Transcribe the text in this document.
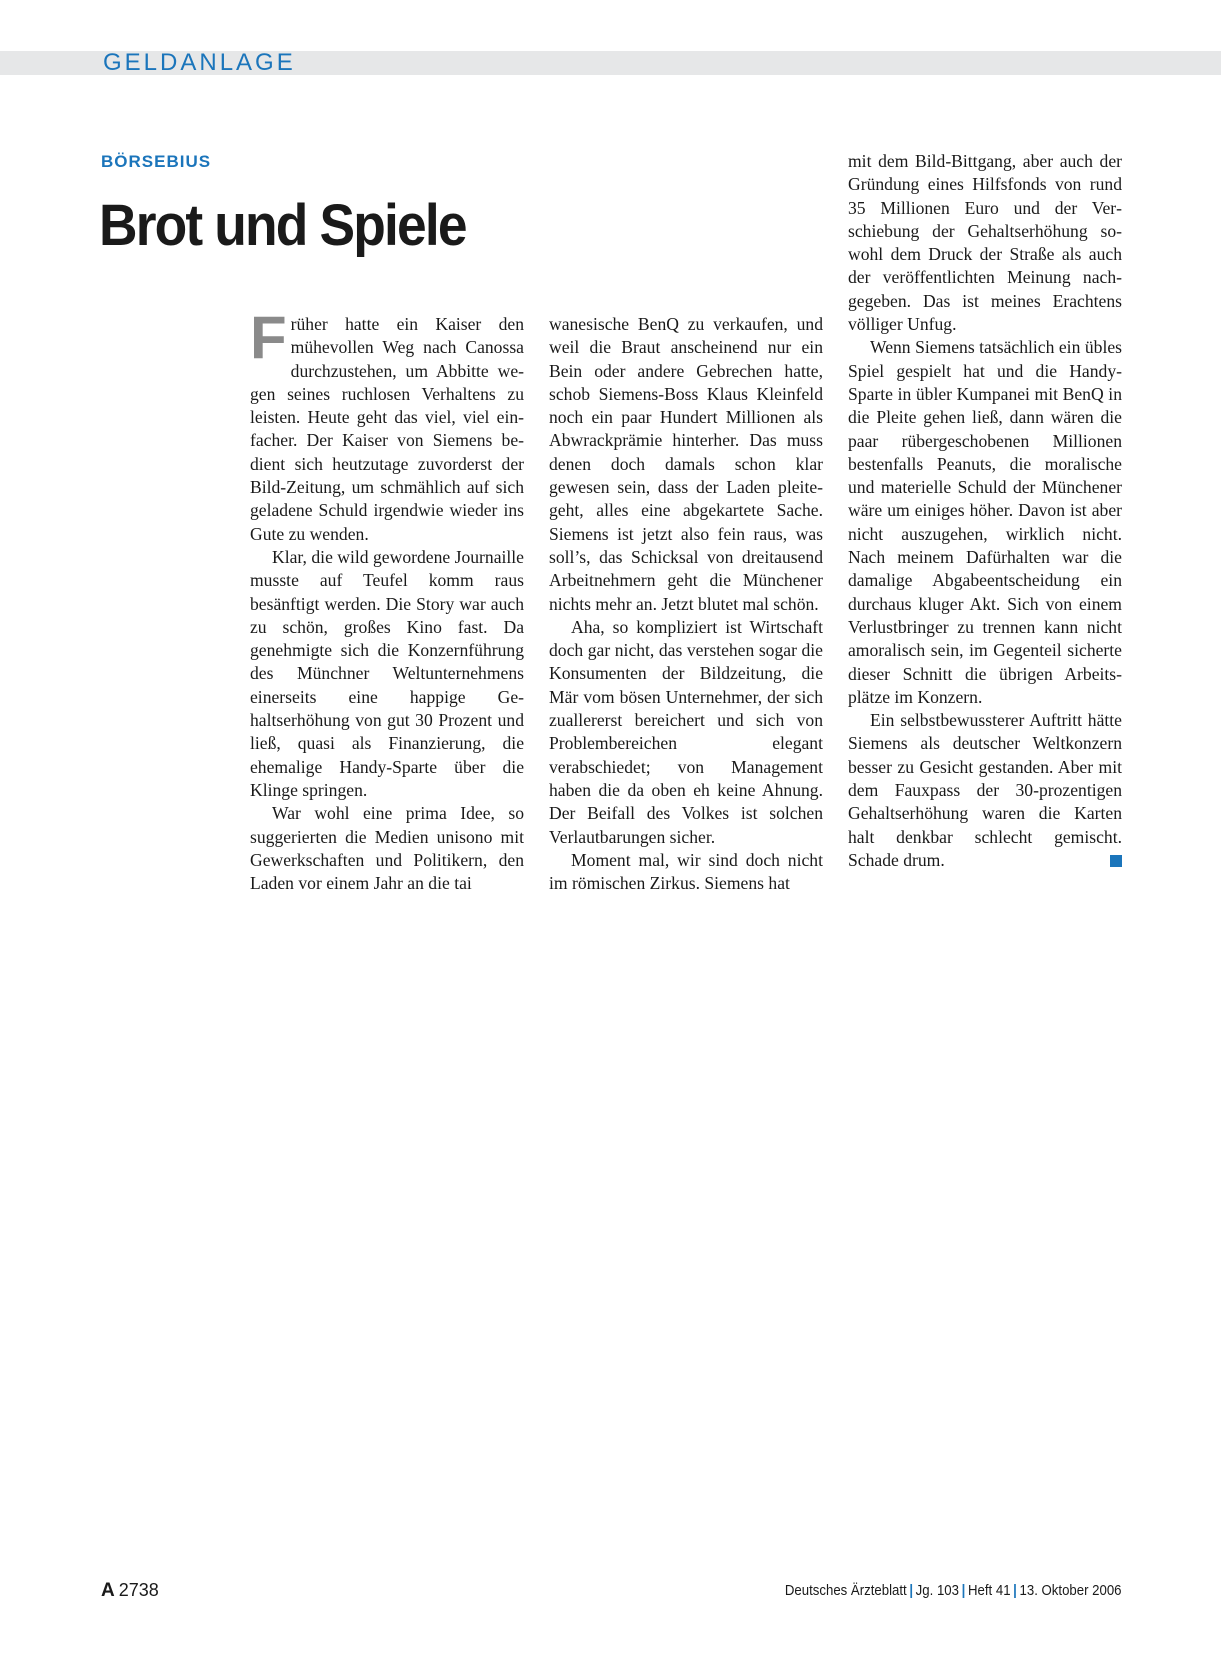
GELDANLAGE
BÖRSEBIUS
Brot und Spiele

Früher hatte ein Kaiser den mühevollen Weg nach Canossa durchzustehen, um Abbitte wegen seines ruchlosen Verhaltens zu leisten. Heute geht das viel, viel einfacher. Der Kaiser von Siemens bedient sich heutzutage zuvorderst der Bild-Zeitung, um schmählich auf sich geladene Schuld irgendwie wieder ins Gute zu wenden.

Klar, die wild gewordene Journaille musste auf Teufel komm raus besänftigt werden. Die Story war auch zu schön, großes Kino fast. Da genehmigte sich die Konzernführung des Münchner Weltunternehmens einerseits eine happige Gehaltserhöhung von gut 30 Prozent und ließ, quasi als Finanzierung, die ehemalige Handy-Sparte über die Klinge springen.

War wohl eine prima Idee, so suggerierten die Medien unisono mit Gewerkschaften und Politikern, den Laden vor einem Jahr an die tai

wanesische BenQ zu verkaufen, und weil die Braut anscheinend nur ein Bein oder andere Gebrechen hatte, schob Siemens-Boss Klaus Kleinfeld noch ein paar Hundert Millionen als Abwrackprämie hinterher. Das muss denen doch damals schon klar gewesen sein, dass der Laden pleitegeht, alles eine abgekartete Sache. Siemens ist jetzt also fein raus, was soll’s, das Schicksal von dreitausend Arbeitnehmern geht die Münchener nichts mehr an. Jetzt blutet mal schön.

Aha, so kompliziert ist Wirtschaft doch gar nicht, das verstehen sogar die Konsumenten der Bildzeitung, die Mär vom bösen Unternehmer, der sich zuallererst bereichert und sich von Problembereichen elegant verabschiedet; von Management haben die da oben eh keine Ahnung. Der Beifall des Volkes ist solchen Verlautbarungen sicher.

Moment mal, wir sind doch nicht im römischen Zirkus. Siemens hat

mit dem Bild-Bittgang, aber auch der Gründung eines Hilfsfonds von rund 35 Millionen Euro und der Verschiebung der Gehaltserhöhung sowohl dem Druck der Straße als auch der veröffentlichten Meinung nachgegeben. Das ist meines Erachtens völliger Unfug.

Wenn Siemens tatsächlich ein übles Spiel gespielt hat und die Handy-Sparte in übler Kumpanei mit BenQ in die Pleite gehen ließ, dann wären die paar rübergeschobenen Millionen bestenfalls Peanuts, die moralische und materielle Schuld der Münchener wäre um einiges höher. Davon ist aber nicht auszugehen, wirklich nicht. Nach meinem Dafürhalten war die damalige Abgabeentscheidung ein durchaus kluger Akt. Sich von einem Verlustbringer zu trennen kann nicht amoralisch sein, im Gegenteil sicherte dieser Schnitt die übrigen Arbeitsplätze im Konzern.

Ein selbstbewussterer Auftritt hätte Siemens als deutscher Weltkonzern besser zu Gesicht gestanden. Aber mit dem Fauxpass der 30-prozentigen Gehaltserhöhung waren die Karten halt denkbar schlecht gemischt. Schade drum.

A 2738	Deutsches Ärzteblatt | Jg. 103 | Heft 41 | 13. Oktober 2006
